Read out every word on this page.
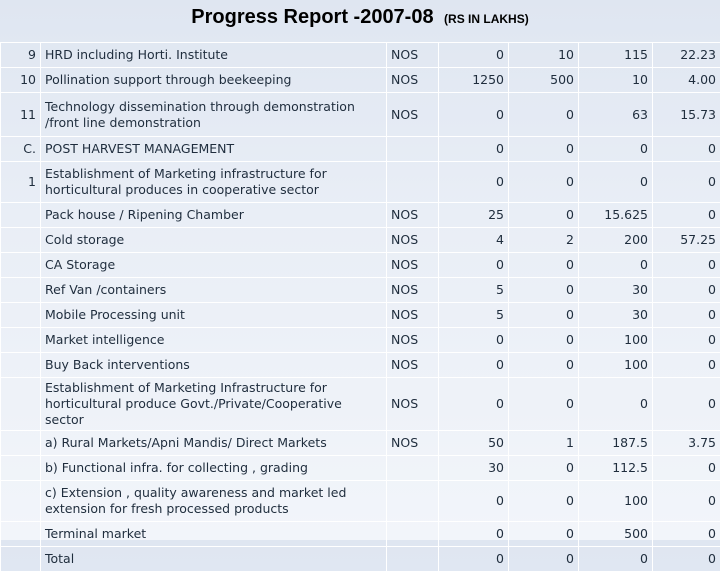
Progress Report -2007-08 (RS IN LAKHS)
9	HRD including Horti. Institute	NOS	0	10	115	22.23
10	Pollination support through beekeeping	NOS	1250	500	10	4.00
11	Technology dissemination through demonstration /front line demonstration	NOS	0	0	63	15.73
C.	POST HARVEST MANAGEMENT		0	0	0	0
1	Establishment of Marketing infrastructure for horticultural produces in cooperative sector		0	0	0	0
	Pack house / Ripening Chamber	NOS	25	0	15.625	0
	Cold storage	NOS	4	2	200	57.25
	CA Storage	NOS	0	0	0	0
	Ref Van /containers	NOS	5	0	30	0
	Mobile Processing unit	NOS	5	0	30	0
	Market intelligence	NOS	0	0	100	0
	Buy Back interventions	NOS	0	0	100	0
	Establishment of Marketing Infrastructure for horticultural produce Govt./Private/Cooperative sector	NOS	0	0	0	0
	a) Rural Markets/Apni Mandis/ Direct Markets	NOS	50	1	187.5	3.75
	b) Functional infra. for collecting , grading		30	0	112.5	0
	c) Extension , quality awareness and market led extension for fresh processed products		0	0	100	0
	Terminal market		0	0	500	0
	Total		0	0	0	0
